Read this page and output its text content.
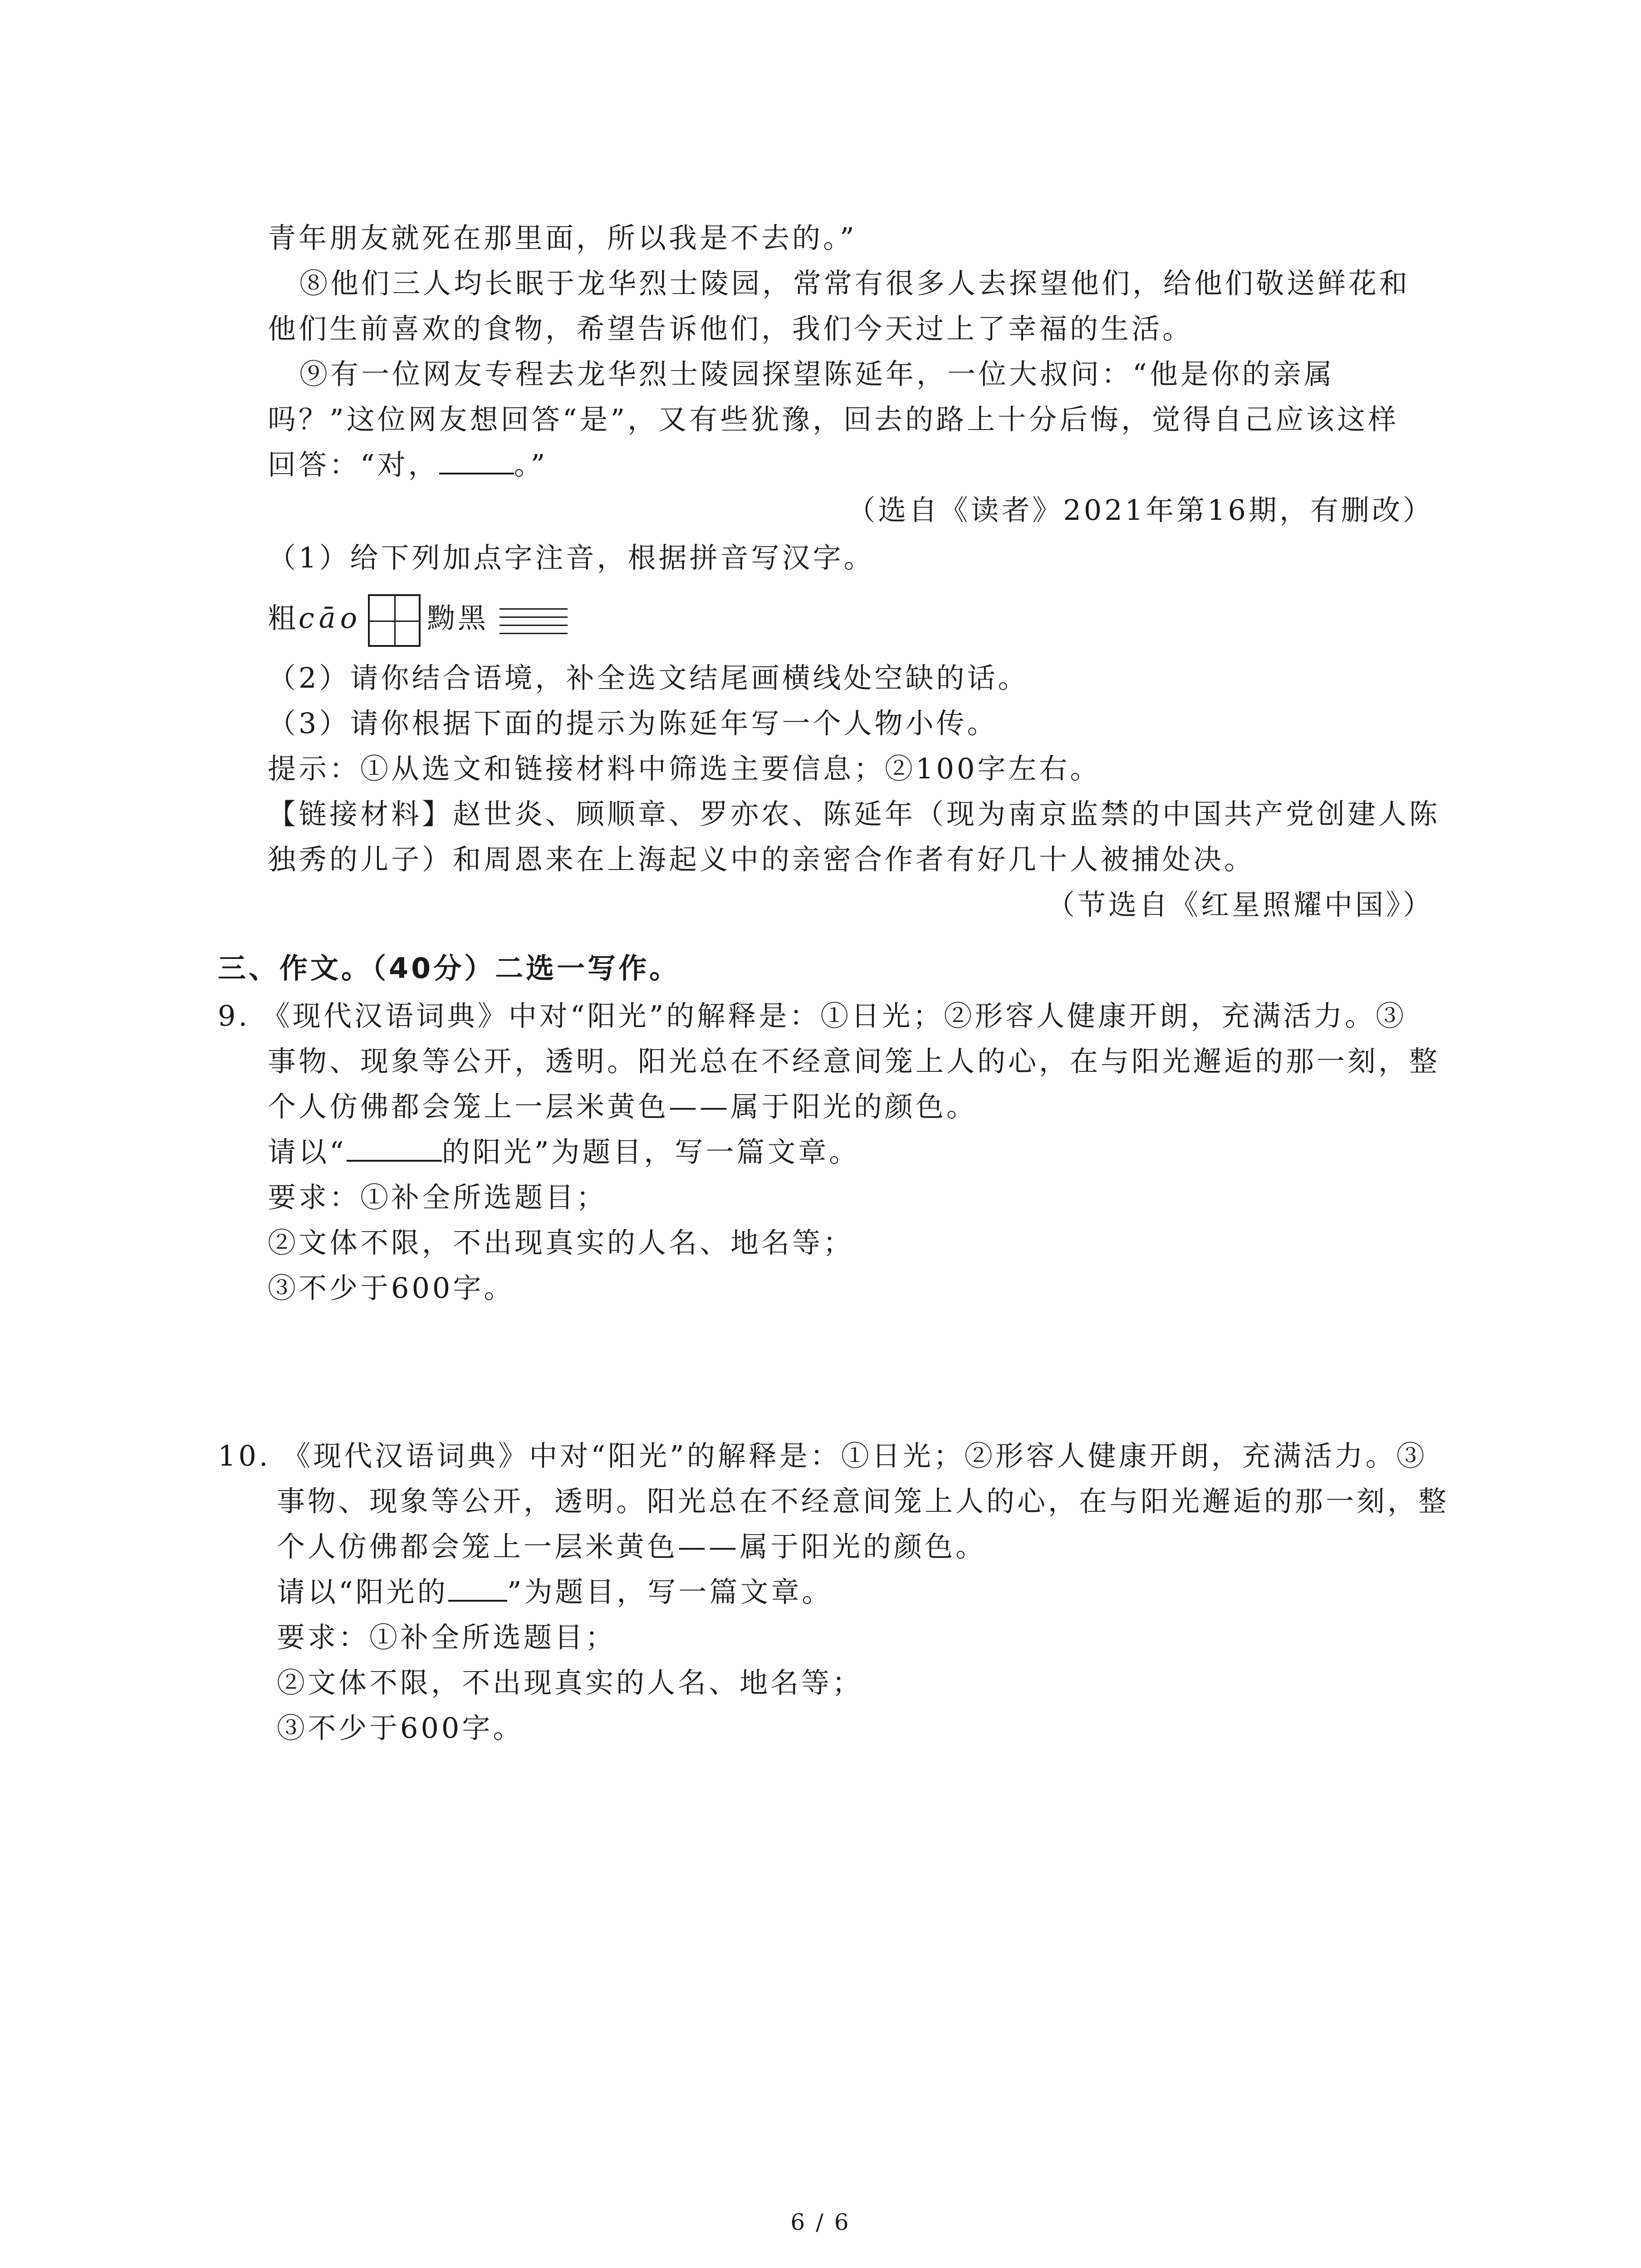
青年朋友就死在那里面，所以我是不去的。”
⑧他们三人均长眠于龙华烈士陵园，常常有很多人去探望他们，给他们敬送鲜花和
他们生前喜欢的食物，希望告诉他们，我们今天过上了幸福的生活。
⑨有一位网友专程去龙华烈士陵园探望陈延年，一位大叔问：“他是你的亲属
吗？”这位网友想回答“是”，又有些犹豫，回去的路上十分后悔，觉得自己应该这样
回答：“对，	。”
（选自《读者》2021年第16期，有删改）
（1）给下列加点字注音，根据拼音写汉字。
粗cāo 黝黑
（2）请你结合语境，补全选文结尾画横线处空缺的话。
（3）请你根据下面的提示为陈延年写一个人物小传。
提示：①从选文和链接材料中筛选主要信息；②100字左右。
【链接材料】赵世炎、顾顺章、罗亦农、陈延年（现为南京监禁的中国共产党创建人陈
独秀的儿子）和周恩来在上海起义中的亲密合作者有好几十人被捕处决。
（节选自《红星照耀中国》）
三、作文。（40分）二选一写作。
9. 《现代汉语词典》中对“阳光”的解释是：①日光；②形容人健康开朗，充满活力。③
事物、现象等公开，透明。阳光总在不经意间笼上人的心，在与阳光邂逅的那一刻，整
个人仿佛都会笼上一层米黄色——属于阳光的颜色。
请以“	的阳光”为题目，写一篇文章。
要求：①补全所选题目；
②文体不限，不出现真实的人名、地名等；
③不少于600字。
10. 《现代汉语词典》中对“阳光”的解释是：①日光；②形容人健康开朗，充满活力。③
事物、现象等公开，透明。阳光总在不经意间笼上人的心，在与阳光邂逅的那一刻，整
个人仿佛都会笼上一层米黄色——属于阳光的颜色。
请以“阳光的 ”为题目，写一篇文章。
要求：①补全所选题目；
②文体不限，不出现真实的人名、地名等；
③不少于600字。
6 / 6
